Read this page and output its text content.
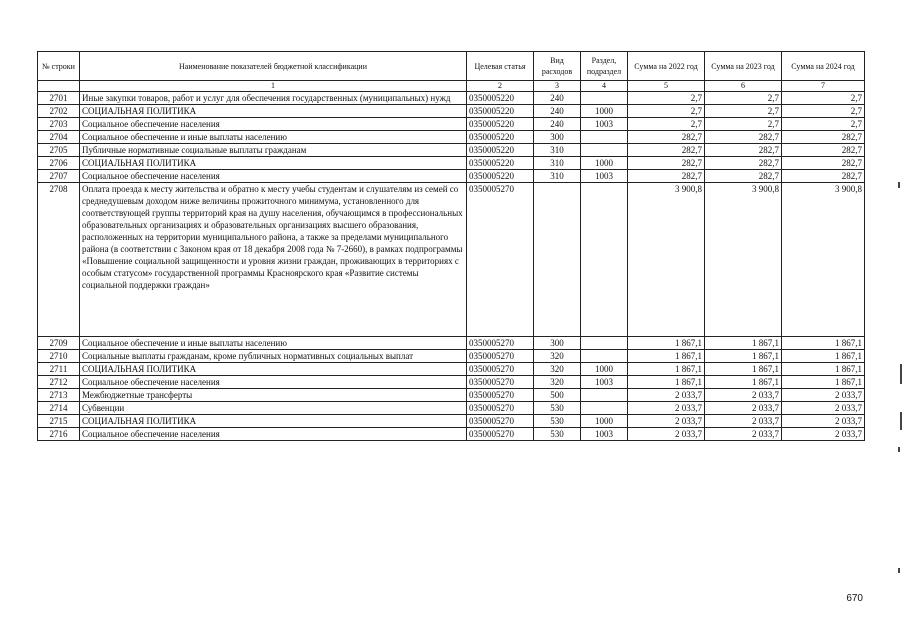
№ строки	Наименование показателей бюджетной классификации	Целевая статья	Вид расходов	Раздел, подраздел	Сумма на 2022 год	Сумма на 2023 год	Сумма на 2024 год
	1	2	3	4	5	6	7
2701	Иные закупки товаров, работ и услуг для обеспечения государственных (муниципальных) нужд	0350005220	240		2,7	2,7	2,7
2702	СОЦИАЛЬНАЯ ПОЛИТИКА	0350005220	240	1000	2,7	2,7	2,7
2703	Социальное обеспечение населения	0350005220	240	1003	2,7	2,7	2,7
2704	Социальное обеспечение и иные выплаты населению	0350005220	300		282,7	282,7	282,7
2705	Публичные нормативные социальные выплаты гражданам	0350005220	310		282,7	282,7	282,7
2706	СОЦИАЛЬНАЯ ПОЛИТИКА	0350005220	310	1000	282,7	282,7	282,7
2707	Социальное обеспечение населения	0350005220	310	1003	282,7	282,7	282,7
2708	Оплата проезда к месту жительства и обратно к месту учебы студентам и слушателям из семей со среднедушевым доходом ниже величины прожиточного минимума, установленного для соответствующей группы территорий края на душу населения, обучающимся в профессиональных образовательных организациях и образовательных организациях высшего образования, расположенных на территории муниципального района, а также за пределами муниципального района (в соответствии с Законом края от 18 декабря 2008 года № 7-2660), в рамках подпрограммы «Повышение социальной защищенности и уровня жизни граждан, проживающих в территориях с особым статусом» государственной программы Красноярского края «Развитие системы социальной поддержки граждан»	0350005270			3 900,8	3 900,8	3 900,8
2709	Социальное обеспечение и иные выплаты населению	0350005270	300		1 867,1	1 867,1	1 867,1
2710	Социальные выплаты гражданам, кроме публичных нормативных социальных выплат	0350005270	320		1 867,1	1 867,1	1 867,1
2711	СОЦИАЛЬНАЯ ПОЛИТИКА	0350005270	320	1000	1 867,1	1 867,1	1 867,1
2712	Социальное обеспечение населения	0350005270	320	1003	1 867,1	1 867,1	1 867,1
2713	Межбюджетные трансферты	0350005270	500		2 033,7	2 033,7	2 033,7
2714	Субвенции	0350005270	530		2 033,7	2 033,7	2 033,7
2715	СОЦИАЛЬНАЯ ПОЛИТИКА	0350005270	530	1000	2 033,7	2 033,7	2 033,7
2716	Социальное обеспечение населения	0350005270	530	1003	2 033,7	2 033,7	2 033,7
670
